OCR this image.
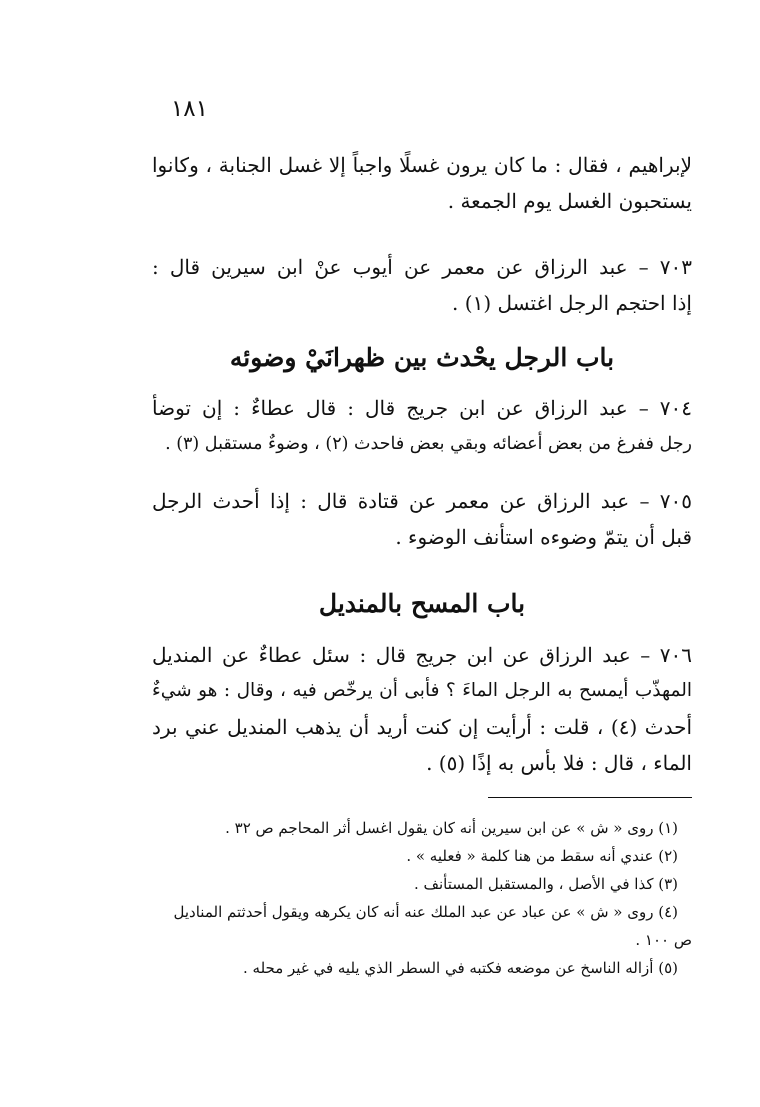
١٨١
لإبراهيم ، فقال : ما كان يرون غسلًا واجباً إلا غسل الجنابة ، وكانوا
يستحبون الغسل يوم الجمعة .
٧٠٣ – عبد الرزاق عن معمر عن أيوب عنْ ابن سيرين قال :
إذا احتجم الرجل اغتسل (١) .
باب الرجل يحْدث بين ظهرانَيْ وضوئه
٧٠٤ – عبد الرزاق عن ابن جريج قال : قال عطاءٌ : إن توضأ
رجل ففرغ من بعض أعضائه وبقي بعض فاحدث (٢) ، وضوءٌ مستقبل (٣) .
٧٠٥ – عبد الرزاق عن معمر عن قتادة قال : إذا أحدث الرجل
قبل أن يتمّ وضوءه استأنف الوضوء .
باب المسح بالمنديل
٧٠٦ – عبد الرزاق عن ابن جريج قال : سئل عطاءٌ عن المنديل
المهذّب أيمسح به الرجل الماءَ ؟ فأبى أن يرخّص فيه ، وقال : هو شيءٌ
أحدث (٤) ، قلت : أرأيت إن كنت أريد أن يذهب المنديل عني برد
الماء ، قال : فلا بأس به إذًا (٥) .
(١) روى « ش » عن ابن سيرين أنه كان يقول اغسل أثر المحاجم ص ٣٢ .
(٢) عندي أنه سقط من هنا كلمة « فعليه » .
(٣) كذا في الأصل ، والمستقبل المستأنف .
(٤) روى « ش » عن عباد عن عبد الملك عنه أنه كان يكرهه ويقول أحدثتم المناديل
ص ١٠٠ .
(٥) أزاله الناسخ عن موضعه فكتبه في السطر الذي يليه في غير محله .
